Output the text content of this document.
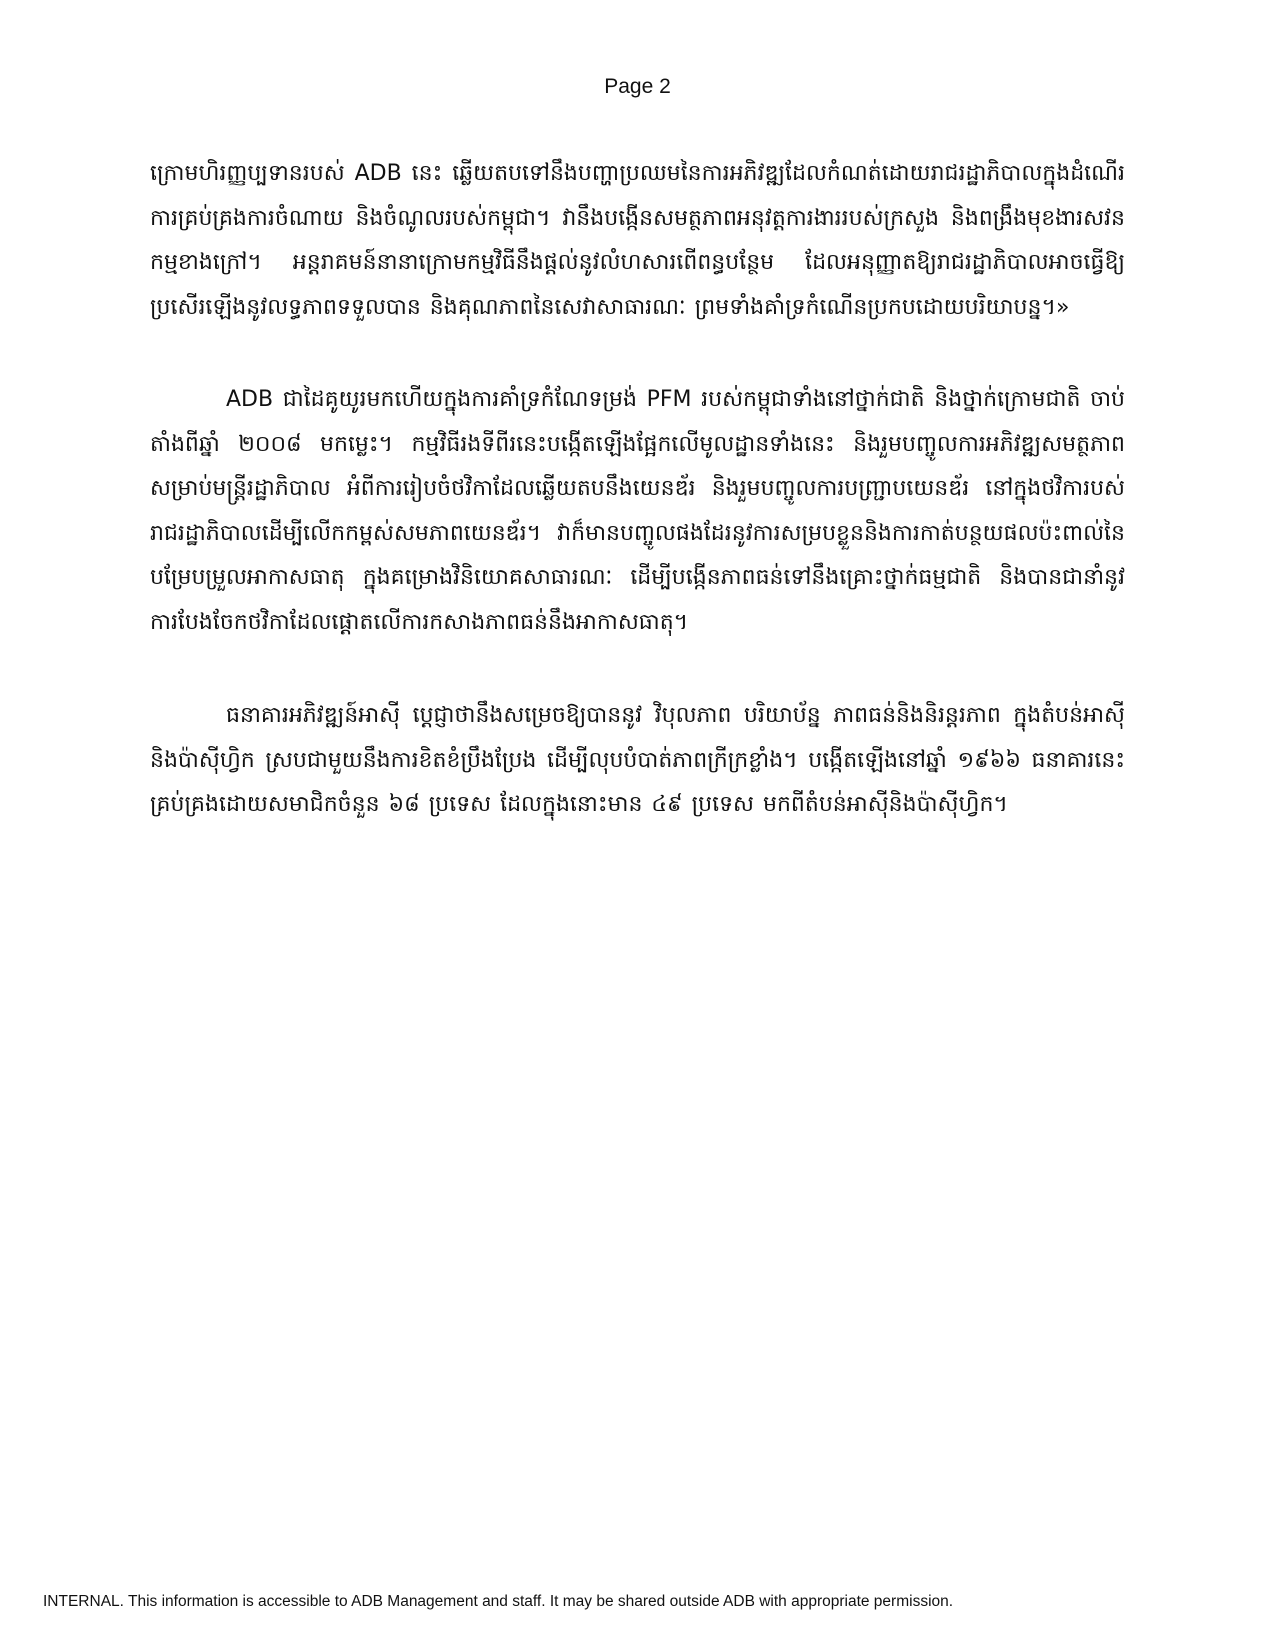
Page 2

ក្រោមហិរញ្ញប្បទានរបស់ ADB នេះ ឆ្លើយតបទៅនឹងបញ្ហាប្រឈមនៃការអភិវឌ្ឍដែលកំណត់ដោយរាជរដ្ឋាភិបាលក្នុងដំណើរការគ្រប់គ្រងការចំណាយ និងចំណូលរបស់កម្ពុជា។ វានឹងបង្កើនសមត្ថភាពអនុវត្តការងាររបស់ក្រសួង និងពង្រឹងមុខងារសវនកម្មខាងក្រៅ។ អន្តរាគមន៍នានាក្រោមកម្មវិធីនឹងផ្តល់នូវលំហសារពើពន្ធបន្ថែម ដែលអនុញ្ញាតឱ្យរាជរដ្ឋាភិបាលអាចធ្វើឱ្យប្រសើរឡើងនូវលទ្ធភាពទទួលបាន និងគុណភាពនៃសេវាសាធារណៈ ព្រមទាំងគាំទ្រកំណើនប្រកបដោយបរិយាបន្ន។»

ADB ជាដៃគូយូរមកហើយក្នុងការគាំទ្រកំណែទម្រង់ PFM របស់កម្ពុជាទាំងនៅថ្នាក់ជាតិ និងថ្នាក់ក្រោមជាតិ ចាប់តាំងពីឆ្នាំ ២០០៨ មកម្លេះ។ កម្មវិធីរងទីពីរនេះបង្កើតឡើងផ្អែកលើមូលដ្ឋានទាំងនេះ និងរួមបញ្ចូលការអភិវឌ្ឍសមត្ថភាពសម្រាប់មន្ត្រីរដ្ឋាភិបាល អំពីការរៀបចំថវិកាដែលឆ្លើយតបនឹងយេនឌ័រ និងរួមបញ្ចូលការបញ្ជ្រាបយេនឌ័រ នៅក្នុងថវិការបស់រាជរដ្ឋាភិបាលដើម្បីលើកកម្ពស់សមភាពយេនឌ័រ។ វាក៏មានបញ្ចូលផងដែរនូវការសម្របខ្លួននិងការកាត់បន្ថយផលប៉ះពាល់នៃបម្រែបម្រួលអាកាសធាតុ ក្នុងគម្រោងវិនិយោគសាធារណៈ ដើម្បីបង្កើនភាពធន់ទៅនឹងគ្រោះថ្នាក់ធម្មជាតិ និងបានជានាំនូវការបែងចែកថវិកាដែលផ្តោតលើការកសាងភាពធន់នឹងអាកាសធាតុ។

ធនាគារអភិវឌ្ឍន៍អាស៊ី ប្តេជ្ញាថានឹងសម្រេចឱ្យបាននូវ វិបុលភាព បរិយាប័ន្ន ភាពធន់និងនិរន្តរភាព ក្នុងតំបន់អាស៊ីនិងប៉ាស៊ីហ្វិក ស្របជាមួយនឹងការខិតខំប្រឹងប្រែង ដើម្បីលុបបំបាត់ភាពក្រីក្រខ្លាំង។ បង្កើតឡើងនៅឆ្នាំ ១៩៦៦ ធនាគារនេះគ្រប់គ្រងដោយសមាជិកចំនួន ៦៨ ប្រទេស ដែលក្នុងនោះមាន ៤៩ ប្រទេស មកពីតំបន់អាស៊ីនិងប៉ាស៊ីហ្វិក។

INTERNAL. This information is accessible to ADB Management and staff. It may be shared outside ADB with appropriate permission.
